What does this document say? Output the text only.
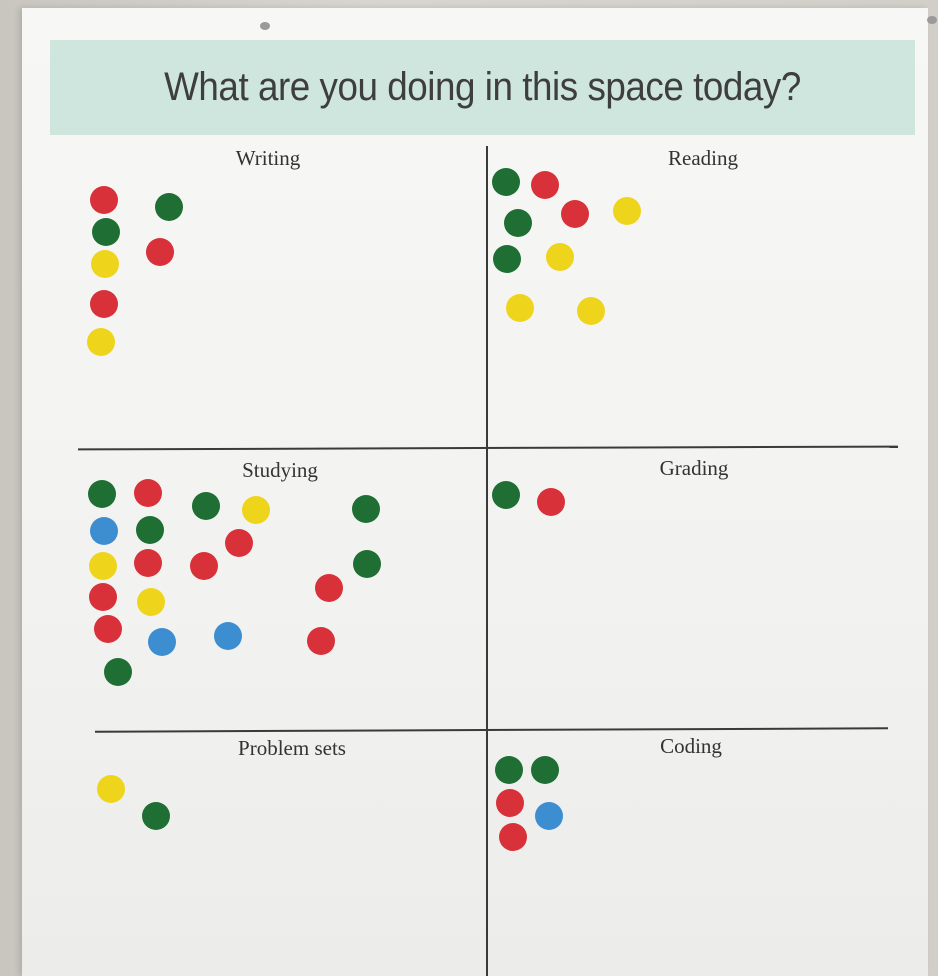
What are you doing in this space today?
Writing	Reading
Studying	Grading
Problem sets	Coding
